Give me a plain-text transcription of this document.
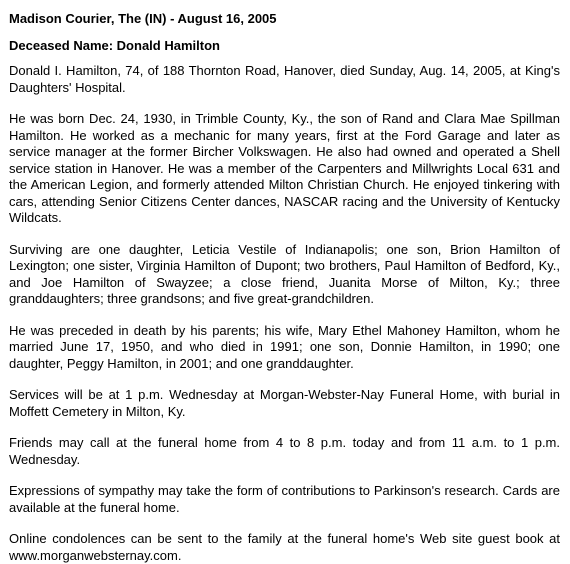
Madison Courier, The (IN) - August 16, 2005
Deceased Name: Donald Hamilton

Donald I. Hamilton, 74, of 188 Thornton Road, Hanover, died Sunday, Aug. 14, 2005, at King's Daughters' Hospital.

He was born Dec. 24, 1930, in Trimble County, Ky., the son of Rand and Clara Mae Spillman Hamilton. He worked as a mechanic for many years, first at the Ford Garage and later as service manager at the former Bircher Volkswagen. He also had owned and operated a Shell service station in Hanover. He was a member of the Carpenters and Millwrights Local 631 and the American Legion, and formerly attended Milton Christian Church. He enjoyed tinkering with cars, attending Senior Citizens Center dances, NASCAR racing and the University of Kentucky Wildcats.

Surviving are one daughter, Leticia Vestile of Indianapolis; one son, Brion Hamilton of Lexington; one sister, Virginia Hamilton of Dupont; two brothers, Paul Hamilton of Bedford, Ky., and Joe Hamilton of Swayzee; a close friend, Juanita Morse of Milton, Ky.; three granddaughters; three grandsons; and five great-grandchildren.

He was preceded in death by his parents; his wife, Mary Ethel Mahoney Hamilton, whom he married June 17, 1950, and who died in 1991; one son, Donnie Hamilton, in 1990; one daughter, Peggy Hamilton, in 2001; and one granddaughter.

Services will be at 1 p.m. Wednesday at Morgan-Webster-Nay Funeral Home, with burial in Moffett Cemetery in Milton, Ky.

Friends may call at the funeral home from 4 to 8 p.m. today and from 11 a.m. to 1 p.m. Wednesday.

Expressions of sympathy may take the form of contributions to Parkinson's research. Cards are available at the funeral home.

Online condolences can be sent to the family at the funeral home's Web site guest book at www.morganwebsternay.com.
